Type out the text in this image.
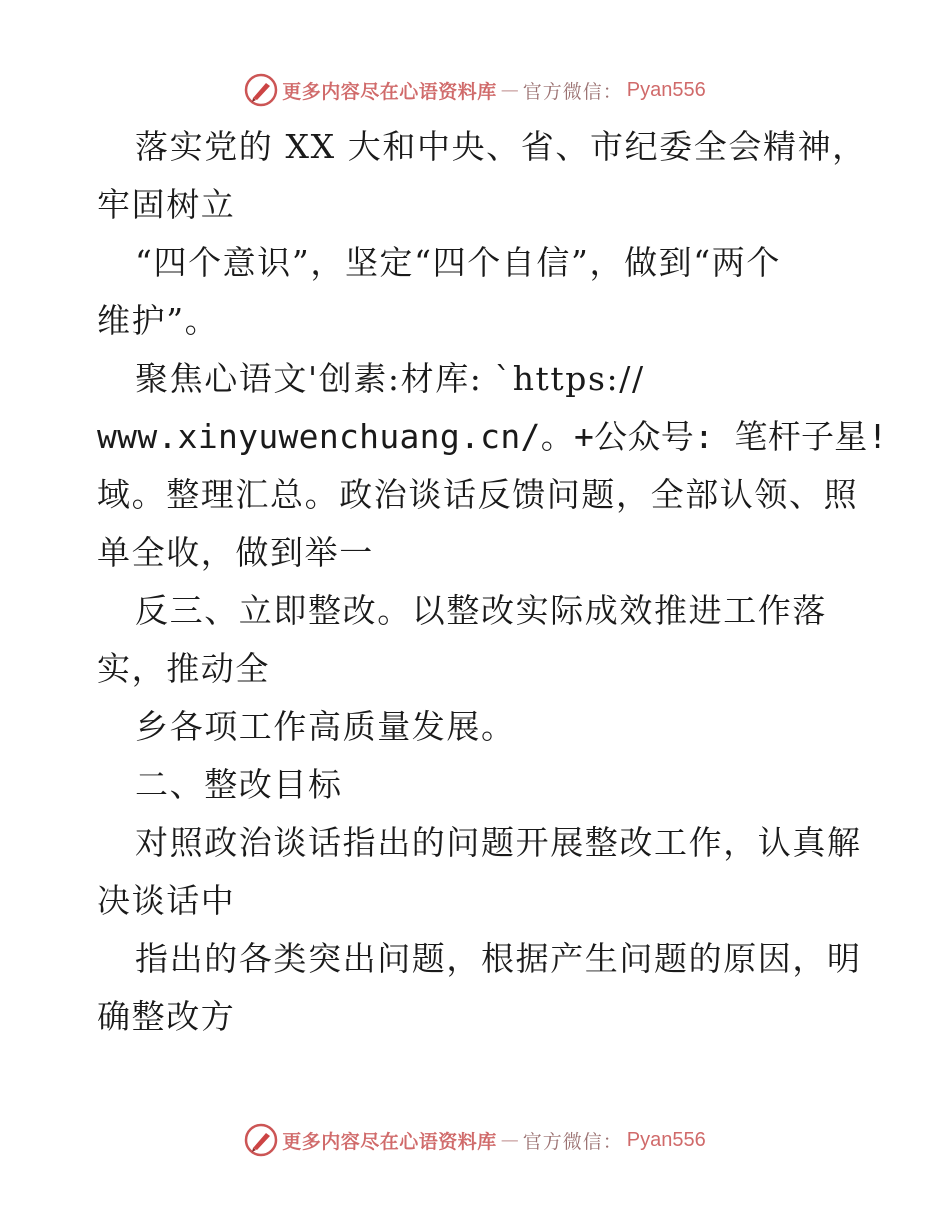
更多内容尽在心语资料库 — 官方微信： Pyan556
落实党的 XX 大和中央、省、市纪委全会精神，
牢固树立
“四个意识”，坚定“四个自信”，做到“两个
维护”。
聚焦心语文'创素:材库: `https://
www.xinyuwenchuang.cn/。+公众号: 笔杆子星!
域。整理汇总。政治谈话反馈问题，全部认领、照
单全收，做到举一
反三、立即整改。以整改实际成效推进工作落
实，推动全
乡各项工作高质量发展。
二、整改目标
对照政治谈话指出的问题开展整改工作，认真解
决谈话中
指出的各类突出问题，根据产生问题的原因，明
确整改方
更多内容尽在心语资料库 — 官方微信： Pyan556
